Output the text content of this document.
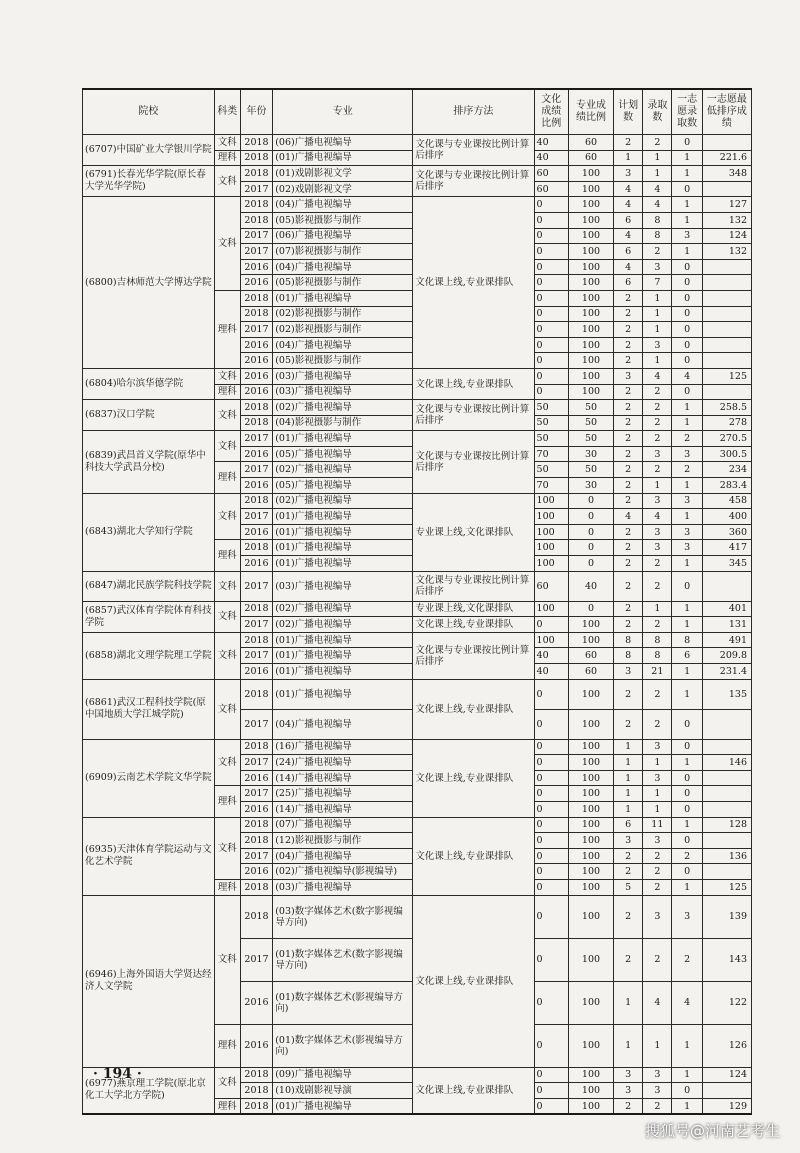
院校	科类	年份	专业	排序方法	文化成绩比例	专业成绩比例	计划数	录取数	一志愿录取数	一志愿最低排序成绩
(6707)中国矿业大学银川学院	文科	2018	(06)广播电视编导	文化课与专业课按比例计算后排序	40	60	2	2	0	
	理科	2018	(01)广播电视编导		40	60	1	1	1	221.6
(6791)长春光华学院(原长春大学光华学院)	文科	2018	(01)戏剧影视文学	文化课与专业课按比例计算后排序	60	100	3	1	1	348
		2017	(02)戏剧影视文学		60	100	4	4	0	
(6800)吉林师范大学博达学院	文科	2018	(04)广播电视编导	文化课上线,专业课排队	0	100	4	4	1	127
		2018	(05)影视摄影与制作		0	100	6	8	1	132
		2017	(06)广播电视编导		0	100	4	8	3	124
		2017	(07)影视摄影与制作		0	100	6	2	1	132
		2016	(04)广播电视编导		0	100	4	3	0	
		2016	(05)影视摄影与制作		0	100	6	7	0	
	理科	2018	(01)广播电视编导		0	100	2	1	0	
		2018	(02)影视摄影与制作		0	100	2	1	0	
		2017	(02)影视摄影与制作		0	100	2	1	0	
		2016	(04)广播电视编导		0	100	2	3	0	
		2016	(05)影视摄影与制作		0	100	2	1	0	
(6804)哈尔滨华德学院	文科	2016	(03)广播电视编导	文化课上线,专业课排队	0	100	3	4	4	125
	理科	2016	(03)广播电视编导		0	100	2	2	0	
(6837)汉口学院	文科	2018	(02)广播电视编导	文化课与专业课按比例计算后排序	50	50	2	2	1	258.5
		2018	(04)影视摄影与制作		50	50	2	2	1	278
(6839)武昌首义学院(原华中科技大学武昌分校)	文科	2017	(01)广播电视编导	文化课与专业课按比例计算后排序	50	50	2	2	2	270.5
		2016	(05)广播电视编导		70	30	2	3	3	300.5
	理科	2017	(02)广播电视编导		50	50	2	2	2	234
		2016	(05)广播电视编导		70	30	2	1	1	283.4
(6843)湖北大学知行学院	文科	2018	(02)广播电视编导	专业课上线,文化课排队	100	0	2	3	3	458
		2017	(01)广播电视编导		100	0	4	4	1	400
		2016	(01)广播电视编导		100	0	2	3	3	360
	理科	2018	(01)广播电视编导		100	0	2	3	3	417
		2016	(01)广播电视编导		100	0	2	2	1	345
(6847)湖北民族学院科技学院	文科	2017	(03)广播电视编导	文化课与专业课按比例计算后排序	60	40	2	2	0	
(6857)武汉体育学院体育科技学院	文科	2018	(02)广播电视编导	专业课上线,文化课排队	100	0	2	1	1	401
		2017	(02)广播电视编导	文化课上线,专业课排队	0	100	2	2	1	131
(6858)湖北文理学院理工学院	文科	2018	(01)广播电视编导	文化课与专业课按比例计算后排序	100	100	8	8	8	491
		2017	(01)广播电视编导		40	60	8	8	6	209.8
		2016	(01)广播电视编导		40	60	3	21	1	231.4
(6861)武汉工程科技学院(原中国地质大学江城学院)	文科	2018	(01)广播电视编导	文化课上线,专业课排队	0	100	2	2	1	135
		2017	(04)广播电视编导		0	100	2	2	0	
(6909)云南艺术学院文华学院	文科	2018	(16)广播电视编导	文化课上线,专业课排队	0	100	1	3	0	
		2017	(24)广播电视编导		0	100	1	1	1	146
		2016	(14)广播电视编导		0	100	1	3	0	
	理科	2017	(25)广播电视编导		0	100	1	1	0	
		2016	(14)广播电视编导		0	100	1	1	0	
(6935)天津体育学院运动与文化艺术学院	文科	2018	(07)广播电视编导	文化课上线,专业课排队	0	100	6	11	1	128
		2018	(12)影视摄影与制作		0	100	3	3	0	
		2017	(04)广播电视编导		0	100	2	2	2	136
		2016	(02)广播电视编导(影视编导)		0	100	2	2	0	
	理科	2018	(03)广播电视编导		0	100	5	2	1	125
(6946)上海外国语大学贤达经济人文学院	文科	2018	(03)数字媒体艺术(数字影视编导方向)	文化课上线,专业课排队	0	100	2	3	3	139
		2017	(01)数字媒体艺术(数字影视编导方向)		0	100	2	2	2	143
		2016	(01)数字媒体艺术(影视编导方向)		0	100	1	4	4	122
	理科	2016	(01)数字媒体艺术(影视编导方向)		0	100	1	1	1	126
(6977)燕京理工学院(原北京化工大学北方学院)	文科	2018	(09)广播电视编导	文化课上线,专业课排队	0	100	3	3	1	124
		2018	(10)戏剧影视导演		0	100	3	3	0	
	理科	2018	(01)广播电视编导		0	100	2	2	1	129
· 194 ·
搜狐号@河南艺考生
